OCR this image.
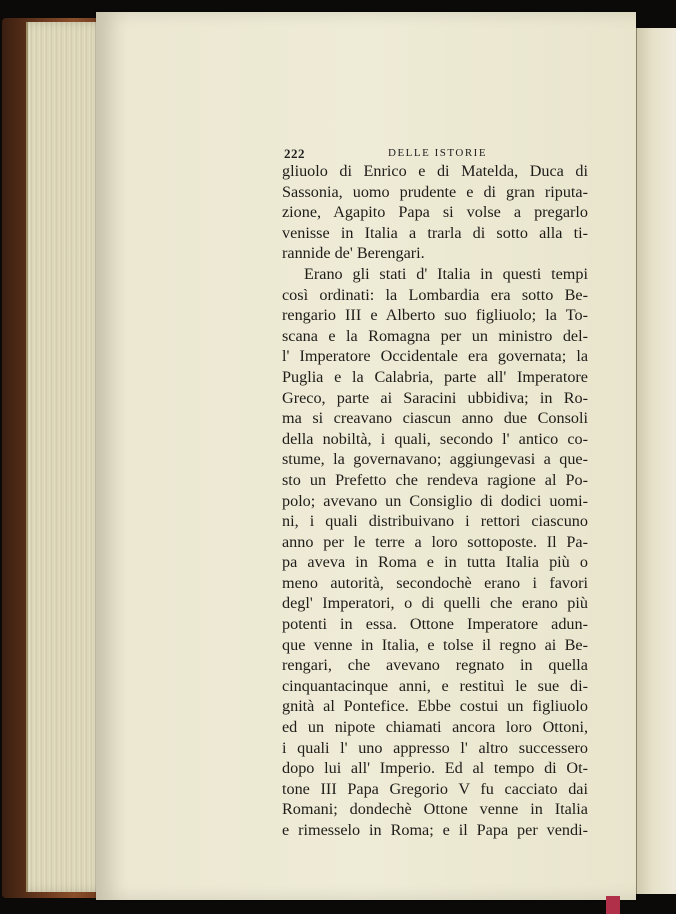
222	DELLE ISTORIE
gliuolo di Enrico e di Matelda, Duca di
Sassonia, uomo prudente e di gran riputa-
zione, Agapito Papa si volse a pregarlo
venisse in Italia a trarla di sotto alla ti-
rannide de' Berengari.
Erano gli stati d' Italia in questi tempi
così ordinati: la Lombardia era sotto Be-
rengario III e Alberto suo figliuolo; la To-
scana e la Romagna per un ministro del-
l' Imperatore Occidentale era governata; la
Puglia e la Calabria, parte all' Imperatore
Greco, parte ai Saracini ubbidiva; in Ro-
ma si creavano ciascun anno due Consoli
della nobiltà, i quali, secondo l' antico co-
stume, la governavano; aggiungevasi a que-
sto un Prefetto che rendeva ragione al Po-
polo; avevano un Consiglio di dodici uomi-
ni, i quali distribuivano i rettori ciascuno
anno per le terre a loro sottoposte. Il Pa-
pa aveva in Roma e in tutta Italia più o
meno autorità, secondochè erano i favori
degl' Imperatori, o di quelli che erano più
potenti in essa. Ottone Imperatore adun-
que venne in Italia, e tolse il regno ai Be-
rengari, che avevano regnato in quella
cinquantacinque anni, e restituì le sue di-
gnità al Pontefice. Ebbe costui un figliuolo
ed un nipote chiamati ancora loro Ottoni,
i quali l' uno appresso l' altro successero
dopo lui all' Imperio. Ed al tempo di Ot-
tone III Papa Gregorio V fu cacciato dai
Romani; dondechè Ottone venne in Italia
e rimesselo in Roma; e il Papa per vendi-
